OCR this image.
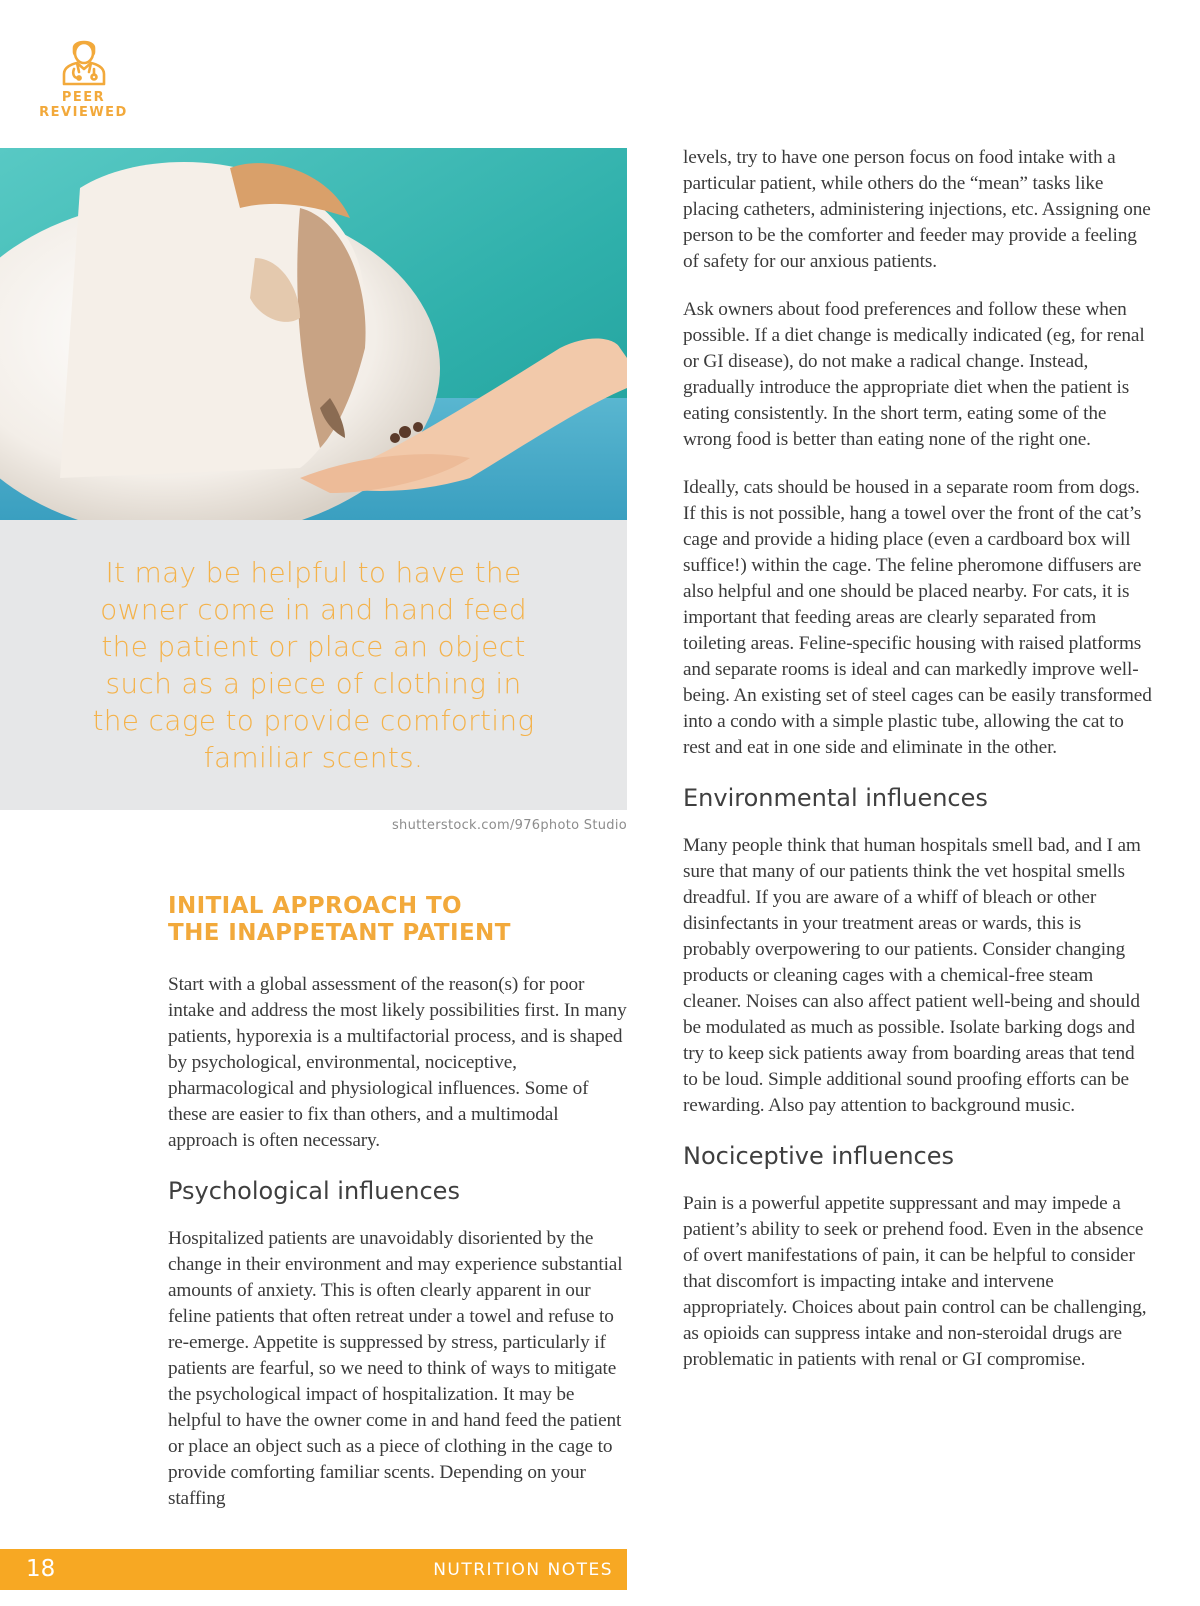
PEER
REVIEWED
It may be helpful to have the owner come in and hand feed the patient or place an object such as a piece of clothing in the cage to provide comforting familiar scents.
shutterstock.com/976photo Studio
INITIAL APPROACH TO
THE INAPPETANT PATIENT

Start with a global assessment of the reason(s) for poor intake and address the most likely possibilities first. In many patients, hyporexia is a multifactorial process, and is shaped by psychological, environmental, nociceptive, pharmacological and physiological influences. Some of these are easier to fix than others, and a multimodal approach is often necessary.

Psychological influences

Hospitalized patients are unavoidably disoriented by the change in their environment and may experience substantial amounts of anxiety. This is often clearly apparent in our feline patients that often retreat under a towel and refuse to re-emerge. Appetite is suppressed by stress, particularly if patients are fearful, so we need to think of ways to mitigate the psychological impact of hospitalization. It may be helpful to have the owner come in and hand feed the patient or place an object such as a piece of clothing in the cage to provide comforting familiar scents. Depending on your staffing

levels, try to have one person focus on food intake with a particular patient, while others do the “mean” tasks like placing catheters, administering injections, etc. Assigning one person to be the comforter and feeder may provide a feeling of safety for our anxious patients.

Ask owners about food preferences and follow these when possible. If a diet change is medically indicated (eg, for renal or GI disease), do not make a radical change. Instead, gradually introduce the appropriate diet when the patient is eating consistently. In the short term, eating some of the wrong food is better than eating none of the right one.

Ideally, cats should be housed in a separate room from dogs. If this is not possible, hang a towel over the front of the cat’s cage and provide a hiding place (even a cardboard box will suffice!) within the cage. The feline pheromone diffusers are also helpful and one should be placed nearby. For cats, it is important that feeding areas are clearly separated from toileting areas. Feline-specific housing with raised platforms and separate rooms is ideal and can markedly improve well-being. An existing set of steel cages can be easily transformed into a condo with a simple plastic tube, allowing the cat to rest and eat in one side and eliminate in the other.

Environmental influences

Many people think that human hospitals smell bad, and I am sure that many of our patients think the vet hospital smells dreadful. If you are aware of a whiff of bleach or other disinfectants in your treatment areas or wards, this is probably overpowering to our patients. Consider changing products or cleaning cages with a chemical-free steam cleaner. Noises can also affect patient well-being and should be modulated as much as possible. Isolate barking dogs and try to keep sick patients away from boarding areas that tend to be loud. Simple additional sound proofing efforts can be rewarding. Also pay attention to background music.

Nociceptive influences

Pain is a powerful appetite suppressant and may impede a patient’s ability to seek or prehend food. Even in the absence of overt manifestations of pain, it can be helpful to consider that discomfort is impacting intake and intervene appropriately. Choices about pain control can be challenging, as opioids can suppress intake and non-steroidal drugs are problematic in patients with renal or GI compromise.

18	NUTRITION NOTES
